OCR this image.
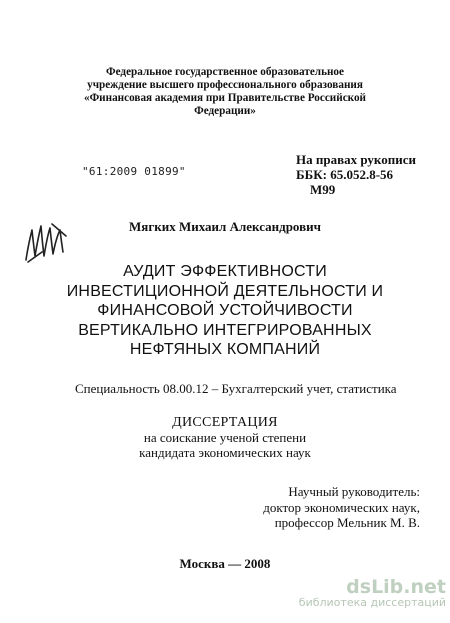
Федеральное государственное образовательное
учреждение высшего профессионального образования
«Финансовая академия при Правительстве Российской
Федерации»
На правах рукописи
ББК: 65.052.8-56
М99
"61:2009 01899"
Мягких Михаил Александрович
АУДИТ ЭФФЕКТИВНОСТИ
ИНВЕСТИЦИОННОЙ ДЕЯТЕЛЬНОСТИ И
ФИНАНСОВОЙ УСТОЙЧИВОСТИ
ВЕРТИКАЛЬНО ИНТЕГРИРОВАННЫХ
НЕФТЯНЫХ КОМПАНИЙ
Специальность 08.00.12 – Бухгалтерский учет, статистика
ДИССЕРТАЦИЯ
на соискание ученой степени
кандидата экономических наук
Научный руководитель:
доктор экономических наук,
профессор Мельник М. В.
Москва — 2008
dsLib.net
библиотека диссертаций
